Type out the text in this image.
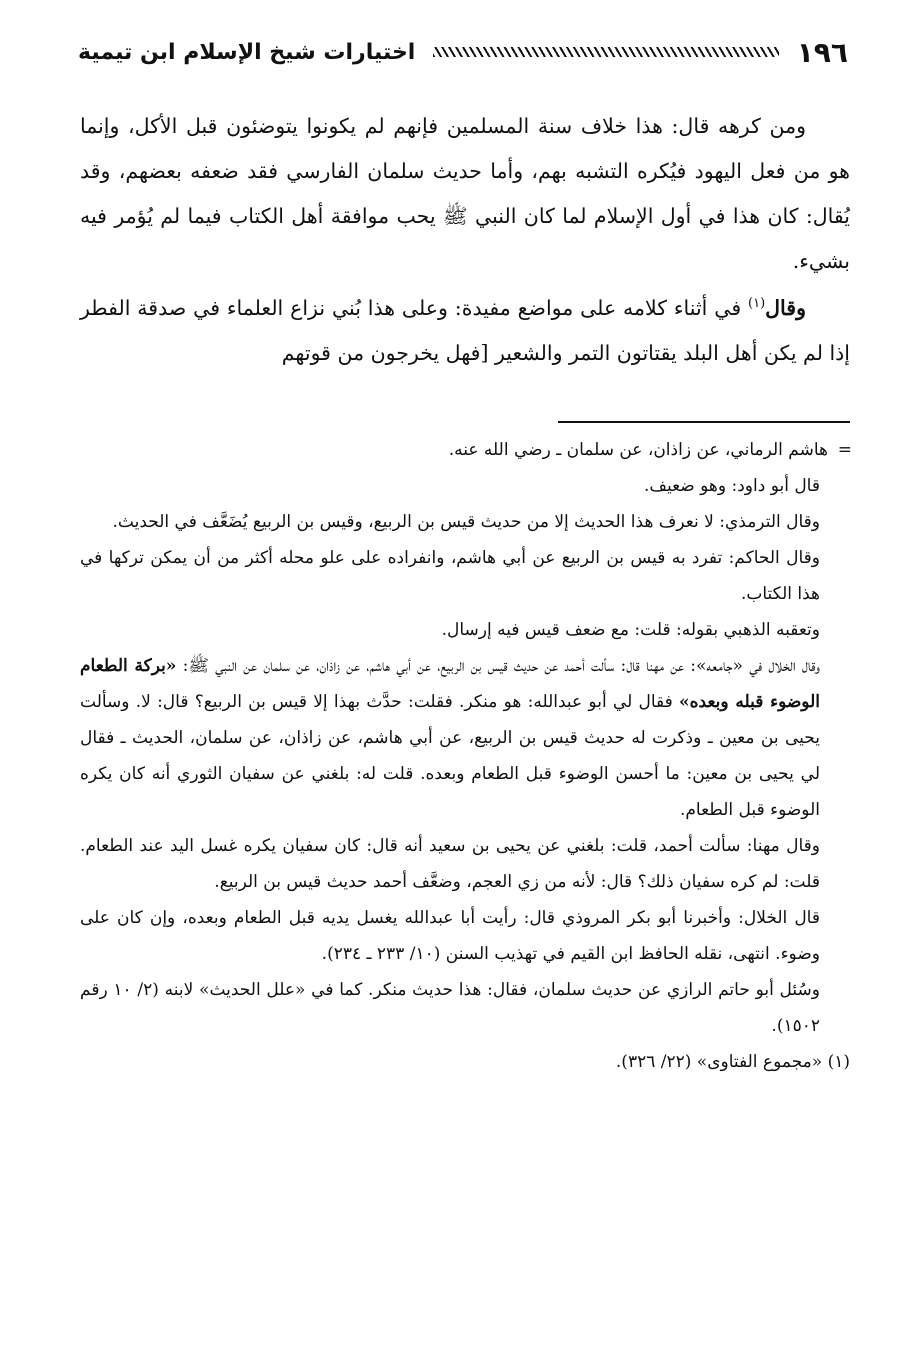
١٩٦
اختيارات شيخ الإسلام ابن تيمية

ومن كرهه قال: هذا خلاف سنة المسلمين فإنهم لم يكونوا يتوضئون قبل الأكل، وإنما هو من فعل اليهود فيُكره التشبه بهم، وأما حديث سلمان الفارسي فقد ضعفه بعضهم، وقد يُقال: كان هذا في أول الإسلام لما كان النبي ﷺ يحب موافقة أهل الكتاب فيما لم يُؤمر فيه بشيء.

وقال$^{(١)}$ في أثناء كلامه على مواضع مفيدة: وعلى هذا بُني نزاع العلماء في صدقة الفطر إذا لم يكن أهل البلد يقتاتون التمر والشعير [فهل يخرجون من قوتهم

=
هاشم الرماني، عن زاذان، عن سلمان ـ رضي الله عنه.

قال أبو داود: وهو ضعيف.

وقال الترمذي: لا نعرف هذا الحديث إلا من حديث قيس بن الربيع، وقيس بن الربيع يُضَعَّف في الحديث.

وقال الحاكم: تفرد به قيس بن الربيع عن أبي هاشم، وانفراده على علو محله أكثر من أن يمكن تركها في هذا الكتاب.

وتعقبه الذهبي بقوله: قلت: مع ضعف قيس فيه إرسال.

وقال الخلال في «جامعه»: عن مهنا قال: سألت أحمد عن حديث قيس بن الربيع، عن أبي هاشم، عن زاذان، عن سلمان عن النبي ﷺ: «بركة الطعام الوضوء قبله وبعده» فقال لي أبو عبدالله: هو منكر. فقلت: حدَّث بهذا إلا قيس بن الربيع؟ قال: لا. وسألت يحيى بن معين ـ وذكرت له حديث قيس بن الربيع، عن أبي هاشم، عن زاذان، عن سلمان، الحديث ـ فقال لي يحيى بن معين: ما أحسن الوضوء قبل الطعام وبعده. قلت له: بلغني عن سفيان الثوري أنه كان يكره الوضوء قبل الطعام.

وقال مهنا: سألت أحمد، قلت: بلغني عن يحيى بن سعيد أنه قال: كان سفيان يكره غسل اليد عند الطعام. قلت: لم كره سفيان ذلك؟ قال: لأنه من زي العجم، وضعَّف أحمد حديث قيس بن الربيع.

قال الخلال: وأخبرنا أبو بكر المروذي قال: رأيت أبا عبدالله يغسل يديه قبل الطعام وبعده، وإن كان على وضوء. انتهى، نقله الحافظ ابن القيم في تهذيب السنن (١٠/ ٢٣٣ ـ ٢٣٤).

وسُئل أبو حاتم الرازي عن حديث سلمان، فقال: هذا حديث منكر. كما في «علل الحديث» لابنه (٢/ ١٠ رقم ١٥٠٢).

(١) «مجموع الفتاوى» (٢٢/ ٣٢٦).
